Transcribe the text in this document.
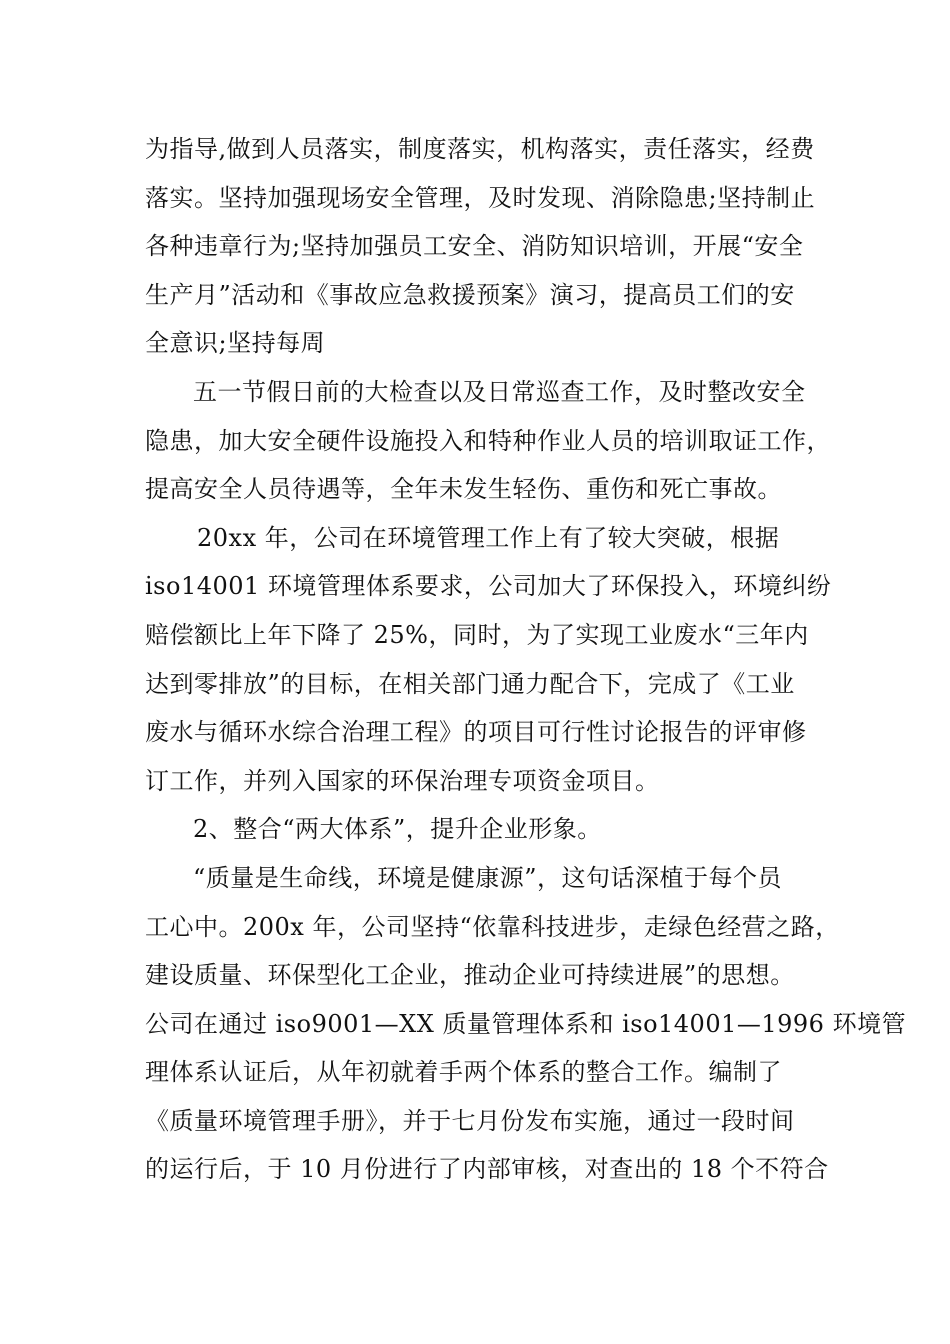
为指导,做到人员落实，制度落实，机构落实，责任落实，经费
落实。坚持加强现场安全管理，及时发现、消除隐患;坚持制止
各种违章行为;坚持加强员工安全、消防知识培训，开展“安全
生产月”活动和《事故应急救援预案》演习，提高员工们的安
全意识;坚持每周
五一节假日前的大检查以及日常巡查工作，及时整改安全
隐患，加大安全硬件设施投入和特种作业人员的培训取证工作，
提高安全人员待遇等，全年未发生轻伤、重伤和死亡事故。
20xx 年，公司在环境管理工作上有了较大突破，根据
iso14001 环境管理体系要求，公司加大了环保投入，环境纠纷
赔偿额比上年下降了 25%，同时，为了实现工业废水“三年内
达到零排放”的目标，在相关部门通力配合下，完成了《工业
废水与循环水综合治理工程》的项目可行性讨论报告的评审修
订工作，并列入国家的环保治理专项资金项目。
2、整合“两大体系”，提升企业形象。
“质量是生命线，环境是健康源”，这句话深植于每个员
工心中。200x 年，公司坚持“依靠科技进步，走绿色经营之路，
建设质量、环保型化工企业，推动企业可持续进展”的思想。
公司在通过 iso9001—XX 质量管理体系和 iso14001—1996 环境管
理体系认证后，从年初就着手两个体系的整合工作。编制了
《质量环境管理手册》，并于七月份发布实施，通过一段时间
的运行后，于 10 月份进行了内部审核，对查出的 18 个不符合
